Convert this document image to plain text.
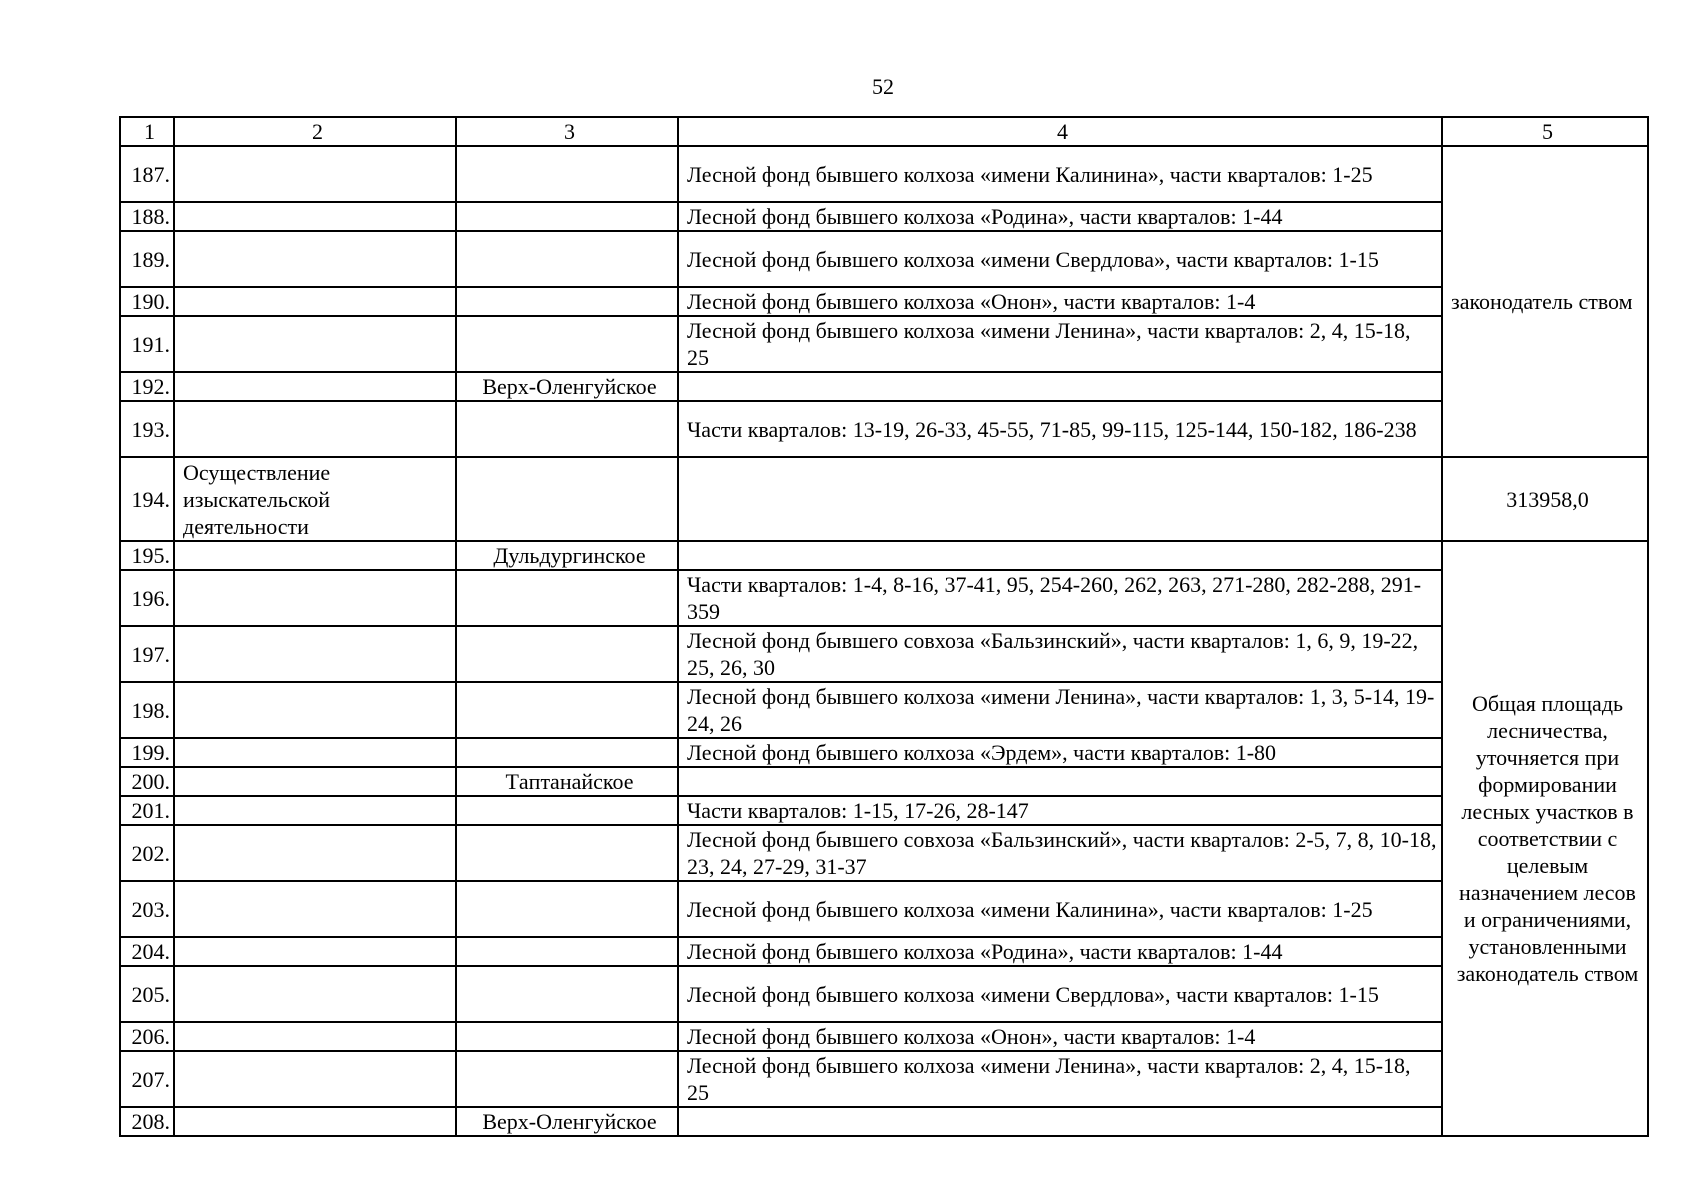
52
1	2	3	4	5
187.			Лесной фонд бывшего колхоза «имени Калинина», части кварталов: 1-25	законодатель ством
188.			Лесной фонд бывшего колхоза «Родина», части кварталов: 1-44	
189.			Лесной фонд бывшего колхоза «имени Свердлова», части кварталов: 1-15	
190.			Лесной фонд бывшего колхоза «Онон», части кварталов: 1-4	
191.			Лесной фонд бывшего колхоза «имени Ленина», части кварталов: 2, 4, 15-18, 25	
192.		Верх-Оленгуйское		
193.			Части кварталов: 13-19, 26-33, 45-55, 71-85, 99-115, 125-144, 150-182, 186-238	
194.	Осуществление изыскательской деятельности			313958,0
195.		Дульдургинское		Общая площадь лесничества, уточняется при формировании лесных участков в соответствии с целевым назначением лесов и ограничениями, установленными законодатель ством
196.			Части кварталов: 1-4, 8-16, 37-41, 95, 254-260, 262, 263, 271-280, 282-288, 291-359	
197.			Лесной фонд бывшего совхоза «Бальзинский», части кварталов: 1, 6, 9, 19-22, 25, 26, 30	
198.			Лесной фонд бывшего колхоза «имени Ленина», части кварталов: 1, 3, 5-14, 19-24, 26	
199.			Лесной фонд бывшего колхоза «Эрдем», части кварталов: 1-80	
200.		Тaптaнaйское		
201.			Части кварталов: 1-15, 17-26, 28-147	
202.			Лесной фонд бывшего совхоза «Бальзинский», части кварталов: 2-5, 7, 8, 10-18, 23, 24, 27-29, 31-37	
203.			Лесной фонд бывшего колхоза «имени Калинина», части кварталов: 1-25	
204.			Лесной фонд бывшего колхоза «Родина», части кварталов: 1-44	
205.			Лесной фонд бывшего колхоза «имени Свердлова», части кварталов: 1-15	
206.			Лесной фонд бывшего колхоза «Онон», части кварталов: 1-4	
207.			Лесной фонд бывшего колхоза «имени Ленина», части кварталов: 2, 4, 15-18, 25	
208.		Верх-Оленгуйское		
